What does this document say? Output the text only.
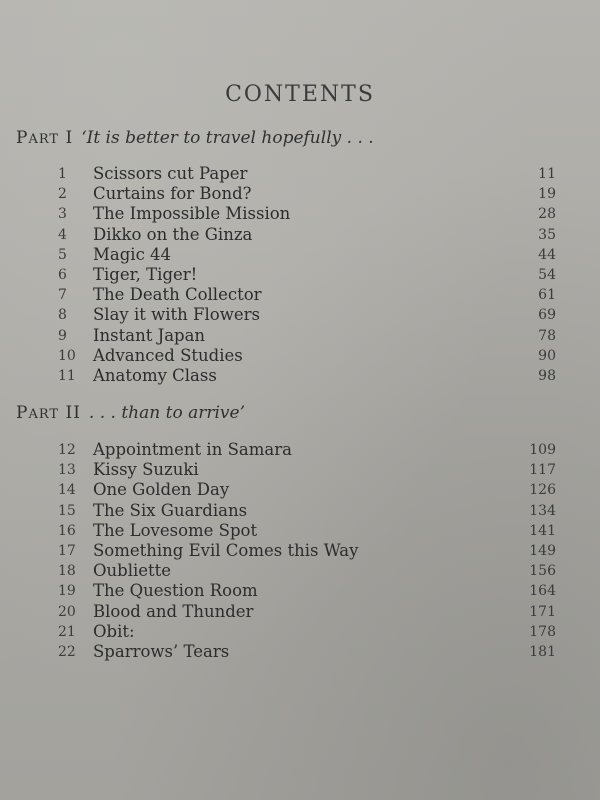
CONTENTS
PART I ‘It is better to travel hopefully . . .
1	Scissors cut Paper	11
2	Curtains for Bond?	19
3	The Impossible Mission	28
4	Dikko on the Ginza	35
5	Magic 44	44
6	Tiger, Tiger!	54
7	The Death Collector	61
8	Slay it with Flowers	69
9	Instant Japan	78
10	Advanced Studies	90
11	Anatomy Class	98
PART II . . . than to arrive’
12	Appointment in Samara	109
13	Kissy Suzuki	117
14	One Golden Day	126
15	The Six Guardians	134
16	The Lovesome Spot	141
17	Something Evil Comes this Way	149
18	Oubliette	156
19	The Question Room	164
20	Blood and Thunder	171
21	Obit:	178
22	Sparrows’ Tears	181
